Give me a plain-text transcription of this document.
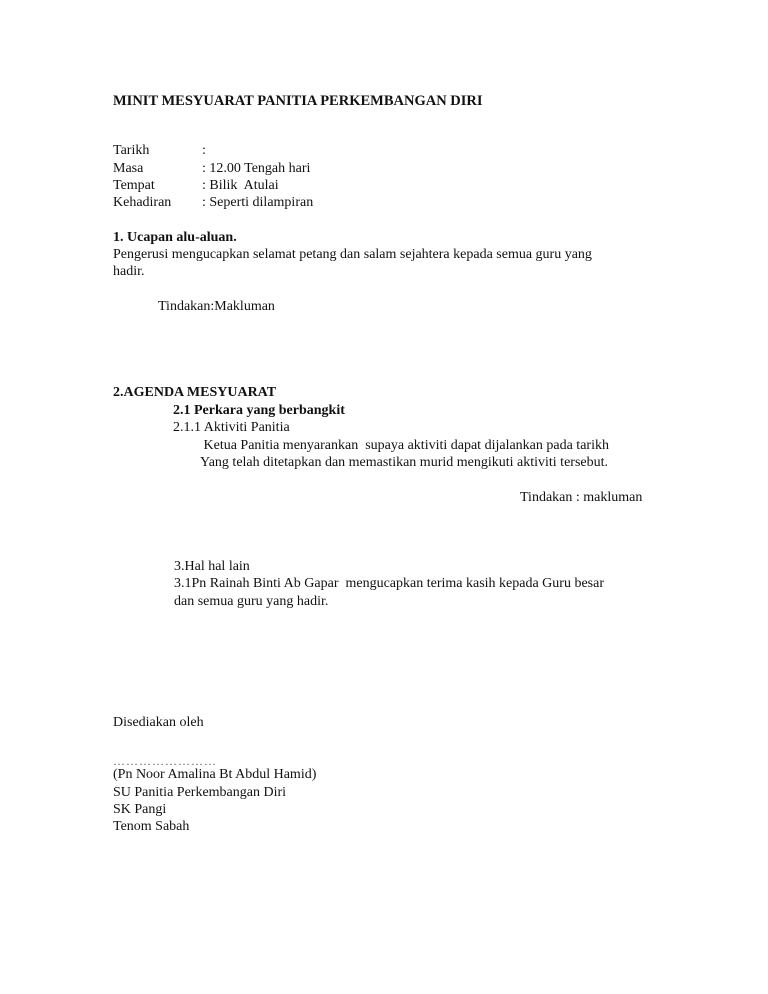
MINIT MESYUARAT PANITIA PERKEMBANGAN DIRI
Tarikh	:
Masa	: 12.00 Tengah hari
Tempat	: Bilik  Atulai
Kehadiran : Seperti dilampiran
1. Ucapan alu-aluan.
Pengerusi mengucapkan selamat petang dan salam sejahtera kepada semua guru yang
hadir.
Tindakan:Makluman
2.AGENDA MESYUARAT
2.1 Perkara yang berbangkit
2.1.1 Aktiviti Panitia
Ketua Panitia menyarankan  supaya aktiviti dapat dijalankan pada tarikh
Yang telah ditetapkan dan memastikan murid mengikuti aktiviti tersebut.
Tindakan : makluman
3.Hal hal lain
3.1Pn Rainah Binti Ab Gapar  mengucapkan terima kasih kepada Guru besar
dan semua guru yang hadir.
Disediakan oleh
……………………
(Pn Noor Amalina Bt Abdul Hamid)
SU Panitia Perkembangan Diri
SK Pangi
Tenom Sabah
